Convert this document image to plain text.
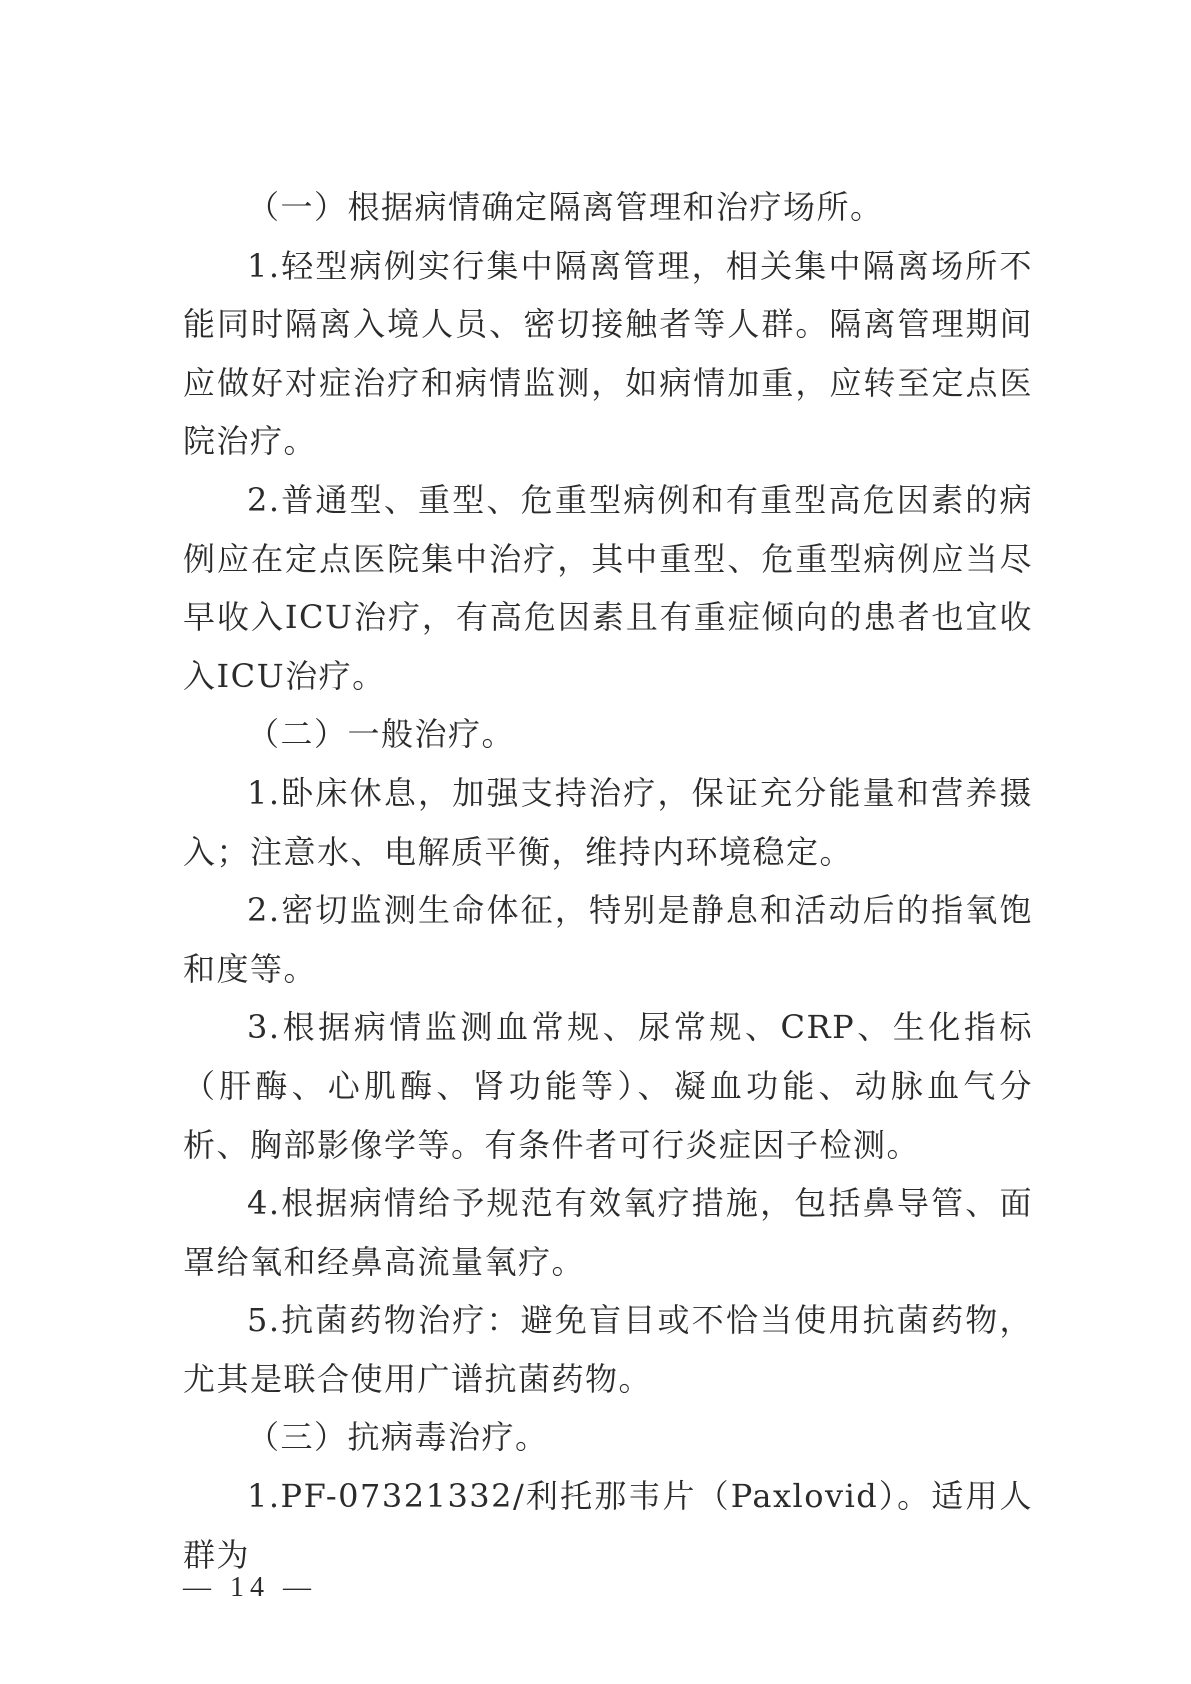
（一）根据病情确定隔离管理和治疗场所。

1.轻型病例实行集中隔离管理，相关集中隔离场所不能同时隔离入境人员、密切接触者等人群。隔离管理期间应做好对症治疗和病情监测，如病情加重，应转至定点医院治疗。

2.普通型、重型、危重型病例和有重型高危因素的病例应在定点医院集中治疗，其中重型、危重型病例应当尽早收入ICU治疗，有高危因素且有重症倾向的患者也宜收入ICU治疗。

（二）一般治疗。

1.卧床休息，加强支持治疗，保证充分能量和营养摄入；注意水、电解质平衡，维持内环境稳定。

2.密切监测生命体征，特别是静息和活动后的指氧饱和度等。

3.根据病情监测血常规、尿常规、CRP、生化指标（肝酶、心肌酶、肾功能等）、凝血功能、动脉血气分析、胸部影像学等。有条件者可行炎症因子检测。

4.根据病情给予规范有效氧疗措施，包括鼻导管、面罩给氧和经鼻高流量氧疗。

5.抗菌药物治疗：避免盲目或不恰当使用抗菌药物，尤其是联合使用广谱抗菌药物。

（三）抗病毒治疗。

1.PF-07321332/利托那韦片（Paxlovid）。适用人群为

— 14 —
